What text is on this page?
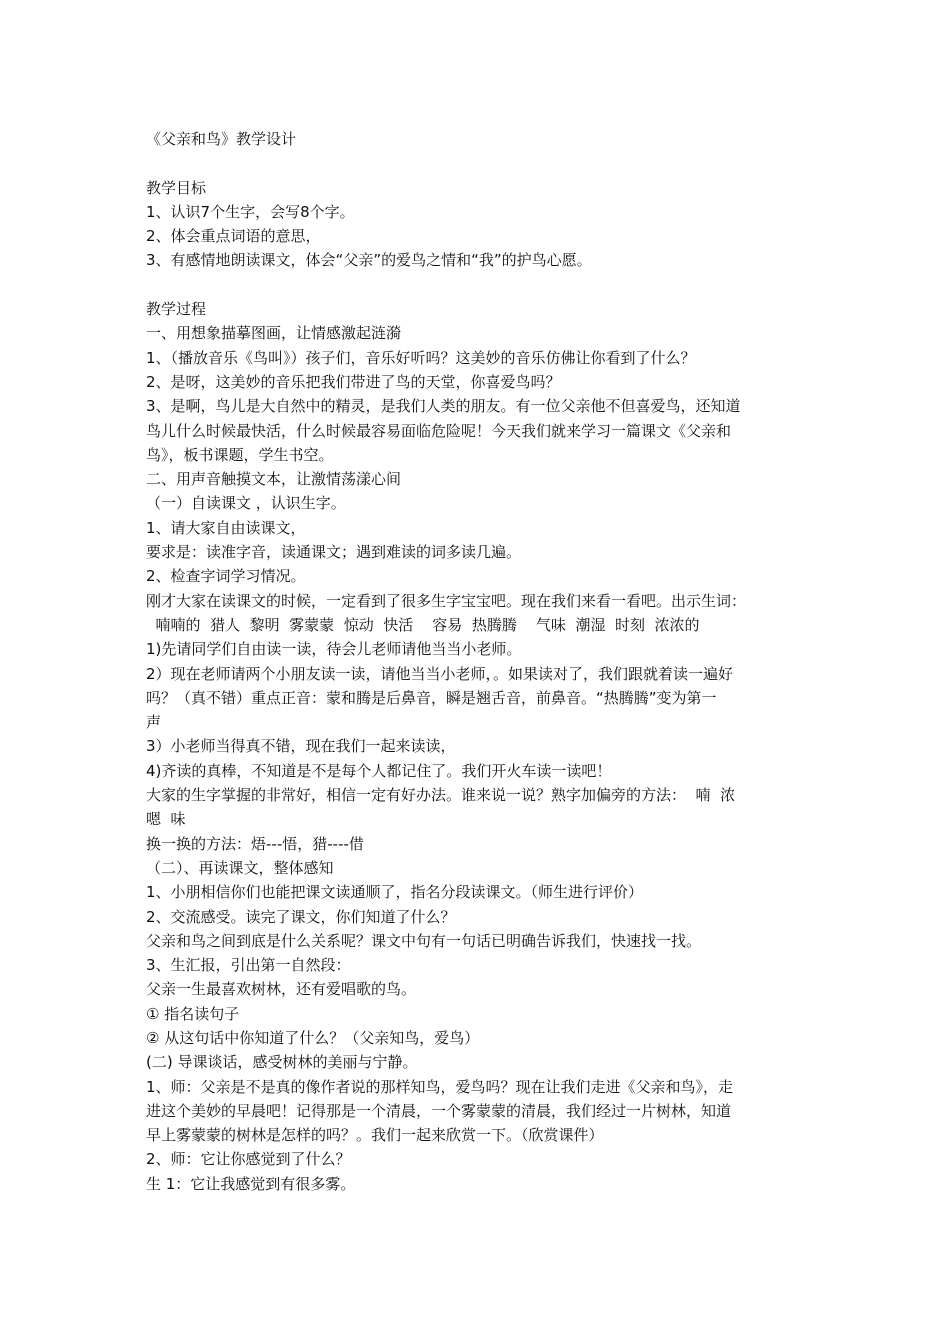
《父亲和鸟》教学设计

教学目标

1、认识7个生字，会写8个字。

2、体会重点词语的意思，

3、有感情地朗读课文，体会“父亲”的爱鸟之情和“我”的护鸟心愿。

教学过程

一、用想象描摹图画，让情感激起涟漪

1、（播放音乐《鸟叫》）孩子们，音乐好听吗？这美妙的音乐仿佛让你看到了什么？

2、是呀，这美妙的音乐把我们带进了鸟的天堂，你喜爱鸟吗？

3、是啊，鸟儿是大自然中的精灵，是我们人类的朋友。有一位父亲他不但喜爱鸟，还知道

鸟儿什么时候最快活，什么时候最容易面临危险呢！今天我们就来学习一篇课文《父亲和

鸟》，板书课题，学生书空。

二、用声音触摸文本，让激情荡漾心间

（一）自读课文 ，认识生字。

1、请大家自由读课文，

要求是：读准字音，读通课文；遇到难读的词多读几遍。

2、检查字词学习情况。

刚才大家在读课文的时候，一定看到了很多生字宝宝吧。现在我们来看一看吧。出示生词：

喃喃的  猎人  黎明  雾蒙蒙  惊动  快活    容易  热腾腾    气味  潮湿  时刻  浓浓的

1)先请同学们自由读一读，待会儿老师请他当当小老师。

2）现在老师请两个小朋友读一读，请他当当小老师，。如果读对了，我们跟就着读一遍好

吗？（真不错）重点正音：蒙和腾是后鼻音，瞬是翘舌音，前鼻音。“热腾腾”变为第一

声

3）小老师当得真不错，现在我们一起来读读，

4)齐读的真棒，不知道是不是每个人都记住了。我们开火车读一读吧！

大家的生字掌握的非常好，相信一定有好办法。谁来说一说？熟字加偏旁的方法：  喃  浓

嗯  味

换一换的方法：焐---悟，猎----借

（二）、再读课文，整体感知

1、小朋相信你们也能把课文读通顺了，指名分段读课文。（师生进行评价）

2、交流感受。读完了课文，你们知道了什么？

父亲和鸟之间到底是什么关系呢？课文中句有一句话已明确告诉我们，快速找一找。

3、生汇报，引出第一自然段：

父亲一生最喜欢树林，还有爱唱歌的鸟。

① 指名读句子

② 从这句话中你知道了什么？（父亲知鸟，爱鸟）

(二) 导课谈话，感受树林的美丽与宁静。

1、师：父亲是不是真的像作者说的那样知鸟，爱鸟吗？现在让我们走进《父亲和鸟》，走

进这个美妙的早晨吧！记得那是一个清晨，一个雾蒙蒙的清晨，我们经过一片树林，知道

早上雾蒙蒙的树林是怎样的吗？。我们一起来欣赏一下。（欣赏课件）

2、师：它让你感觉到了什么？

生 1：它让我感觉到有很多雾。
